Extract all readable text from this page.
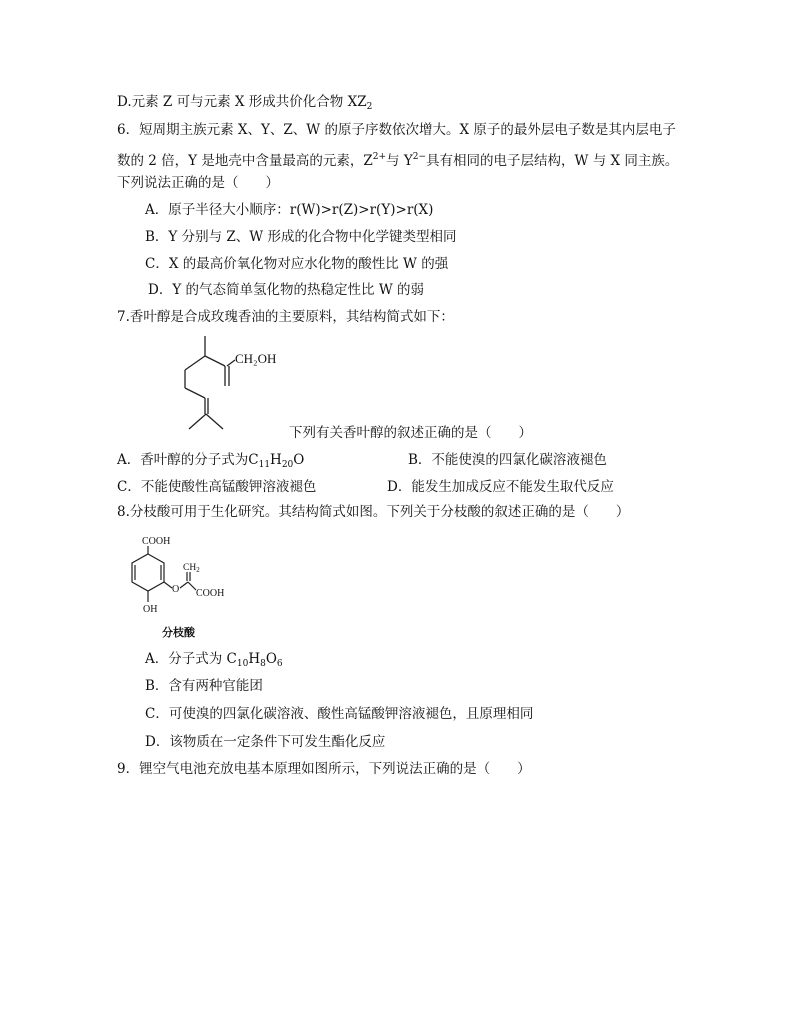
D.元素 Z 可与元素 X 形成共价化合物 $XZ_2$
6．短周期主族元素 X、Y、Z、W 的原子序数依次增大。X 原子的最外层电子数是其内层电子
数的 2 倍，Y 是地壳中含量最高的元素，$Z^{2+}$与 $Y^{2-}$具有相同的电子层结构，W 与 X 同主族。
下列说法正确的是（　　）
A．原子半径大小顺序：r(W)>r(Z)>r(Y)>r(X)
B．Y 分别与 Z、W 形成的化合物中化学键类型相同
C．X 的最高价氧化物对应水化物的酸性比 W 的强
D．Y 的气态简单氢化物的热稳定性比 W 的弱
7.香叶醇是合成玫瑰香油的主要原料，其结构简式如下：
CH₂OH
下列有关香叶醇的叙述正确的是（　　）
A．香叶醇的分子式为$C_{11}H_{20}O$	B．不能使溴的四氯化碳溶液褪色
C．不能使酸性高锰酸钾溶液褪色	D．能发生加成反应不能发生取代反应
8.分枝酸可用于生化研究。其结构简式如图。下列关于分枝酸的叙述正确的是（　　）
COOH
$CH_2$
O COOH
OH
分枝酸
A．分子式为 $C_{10}H_8O_6$
B．含有两种官能团
C．可使溴的四氯化碳溶液、酸性高锰酸钾溶液褪色，且原理相同
D．该物质在一定条件下可发生酯化反应
9．锂空气电池充放电基本原理如图所示，下列说法正确的是（　　）
